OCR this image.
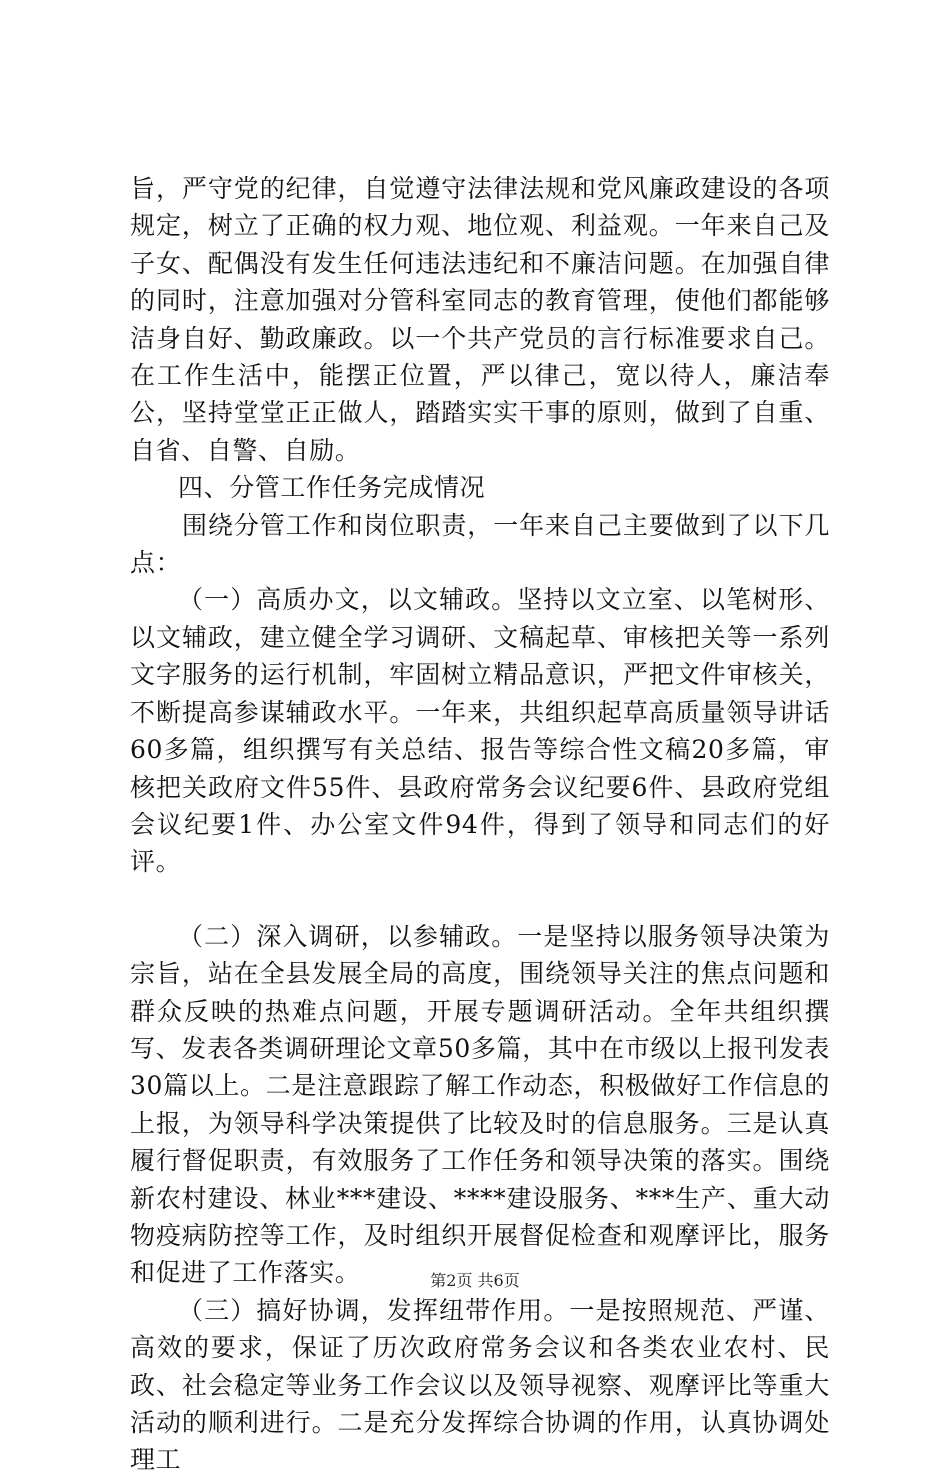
旨，严守党的纪律，自觉遵守法律法规和党风廉政建设的各项规定，树立了正确的权力观、地位观、利益观。一年来自己及子女、配偶没有发生任何违法违纪和不廉洁问题。在加强自律的同时，注意加强对分管科室同志的教育管理，使他们都能够洁身自好、勤政廉政。以一个共产党员的言行标准要求自己。在工作生活中，能摆正位置，严以律己，宽以待人，廉洁奉公，坚持堂堂正正做人，踏踏实实干事的原则，做到了自重、自省、自警、自励。

四、分管工作任务完成情况

围绕分管工作和岗位职责，一年来自己主要做到了以下几点：

（一）高质办文，以文辅政。坚持以文立室、以笔树形、以文辅政，建立健全学习调研、文稿起草、审核把关等一系列文字服务的运行机制，牢固树立精品意识，严把文件审核关，不断提高参谋辅政水平。一年来，共组织起草高质量领导讲话60多篇，组织撰写有关总结、报告等综合性文稿20多篇，审核把关政府文件55件、县政府常务会议纪要6件、县政府党组会议纪要1件、办公室文件94件，得到了领导和同志们的好评。

（二）深入调研，以参辅政。一是坚持以服务领导决策为宗旨，站在全县发展全局的高度，围绕领导关注的焦点问题和群众反映的热难点问题，开展专题调研活动。全年共组织撰写、发表各类调研理论文章50多篇，其中在市级以上报刊发表30篇以上。二是注意跟踪了解工作动态，积极做好工作信息的上报，为领导科学决策提供了比较及时的信息服务。三是认真履行督促职责，有效服务了工作任务和领导决策的落实。围绕新农村建设、林业***建设、****建设服务、***生产、重大动物疫病防控等工作，及时组织开展督促检查和观摩评比，服务和促进了工作落实。

（三）搞好协调，发挥纽带作用。一是按照规范、严谨、高效的要求，保证了历次政府常务会议和各类农业农村、民政、社会稳定等业务工作会议以及领导视察、观摩评比等重大活动的顺利进行。二是充分发挥综合协调的作用，认真协调处理工

第2页 共6页
